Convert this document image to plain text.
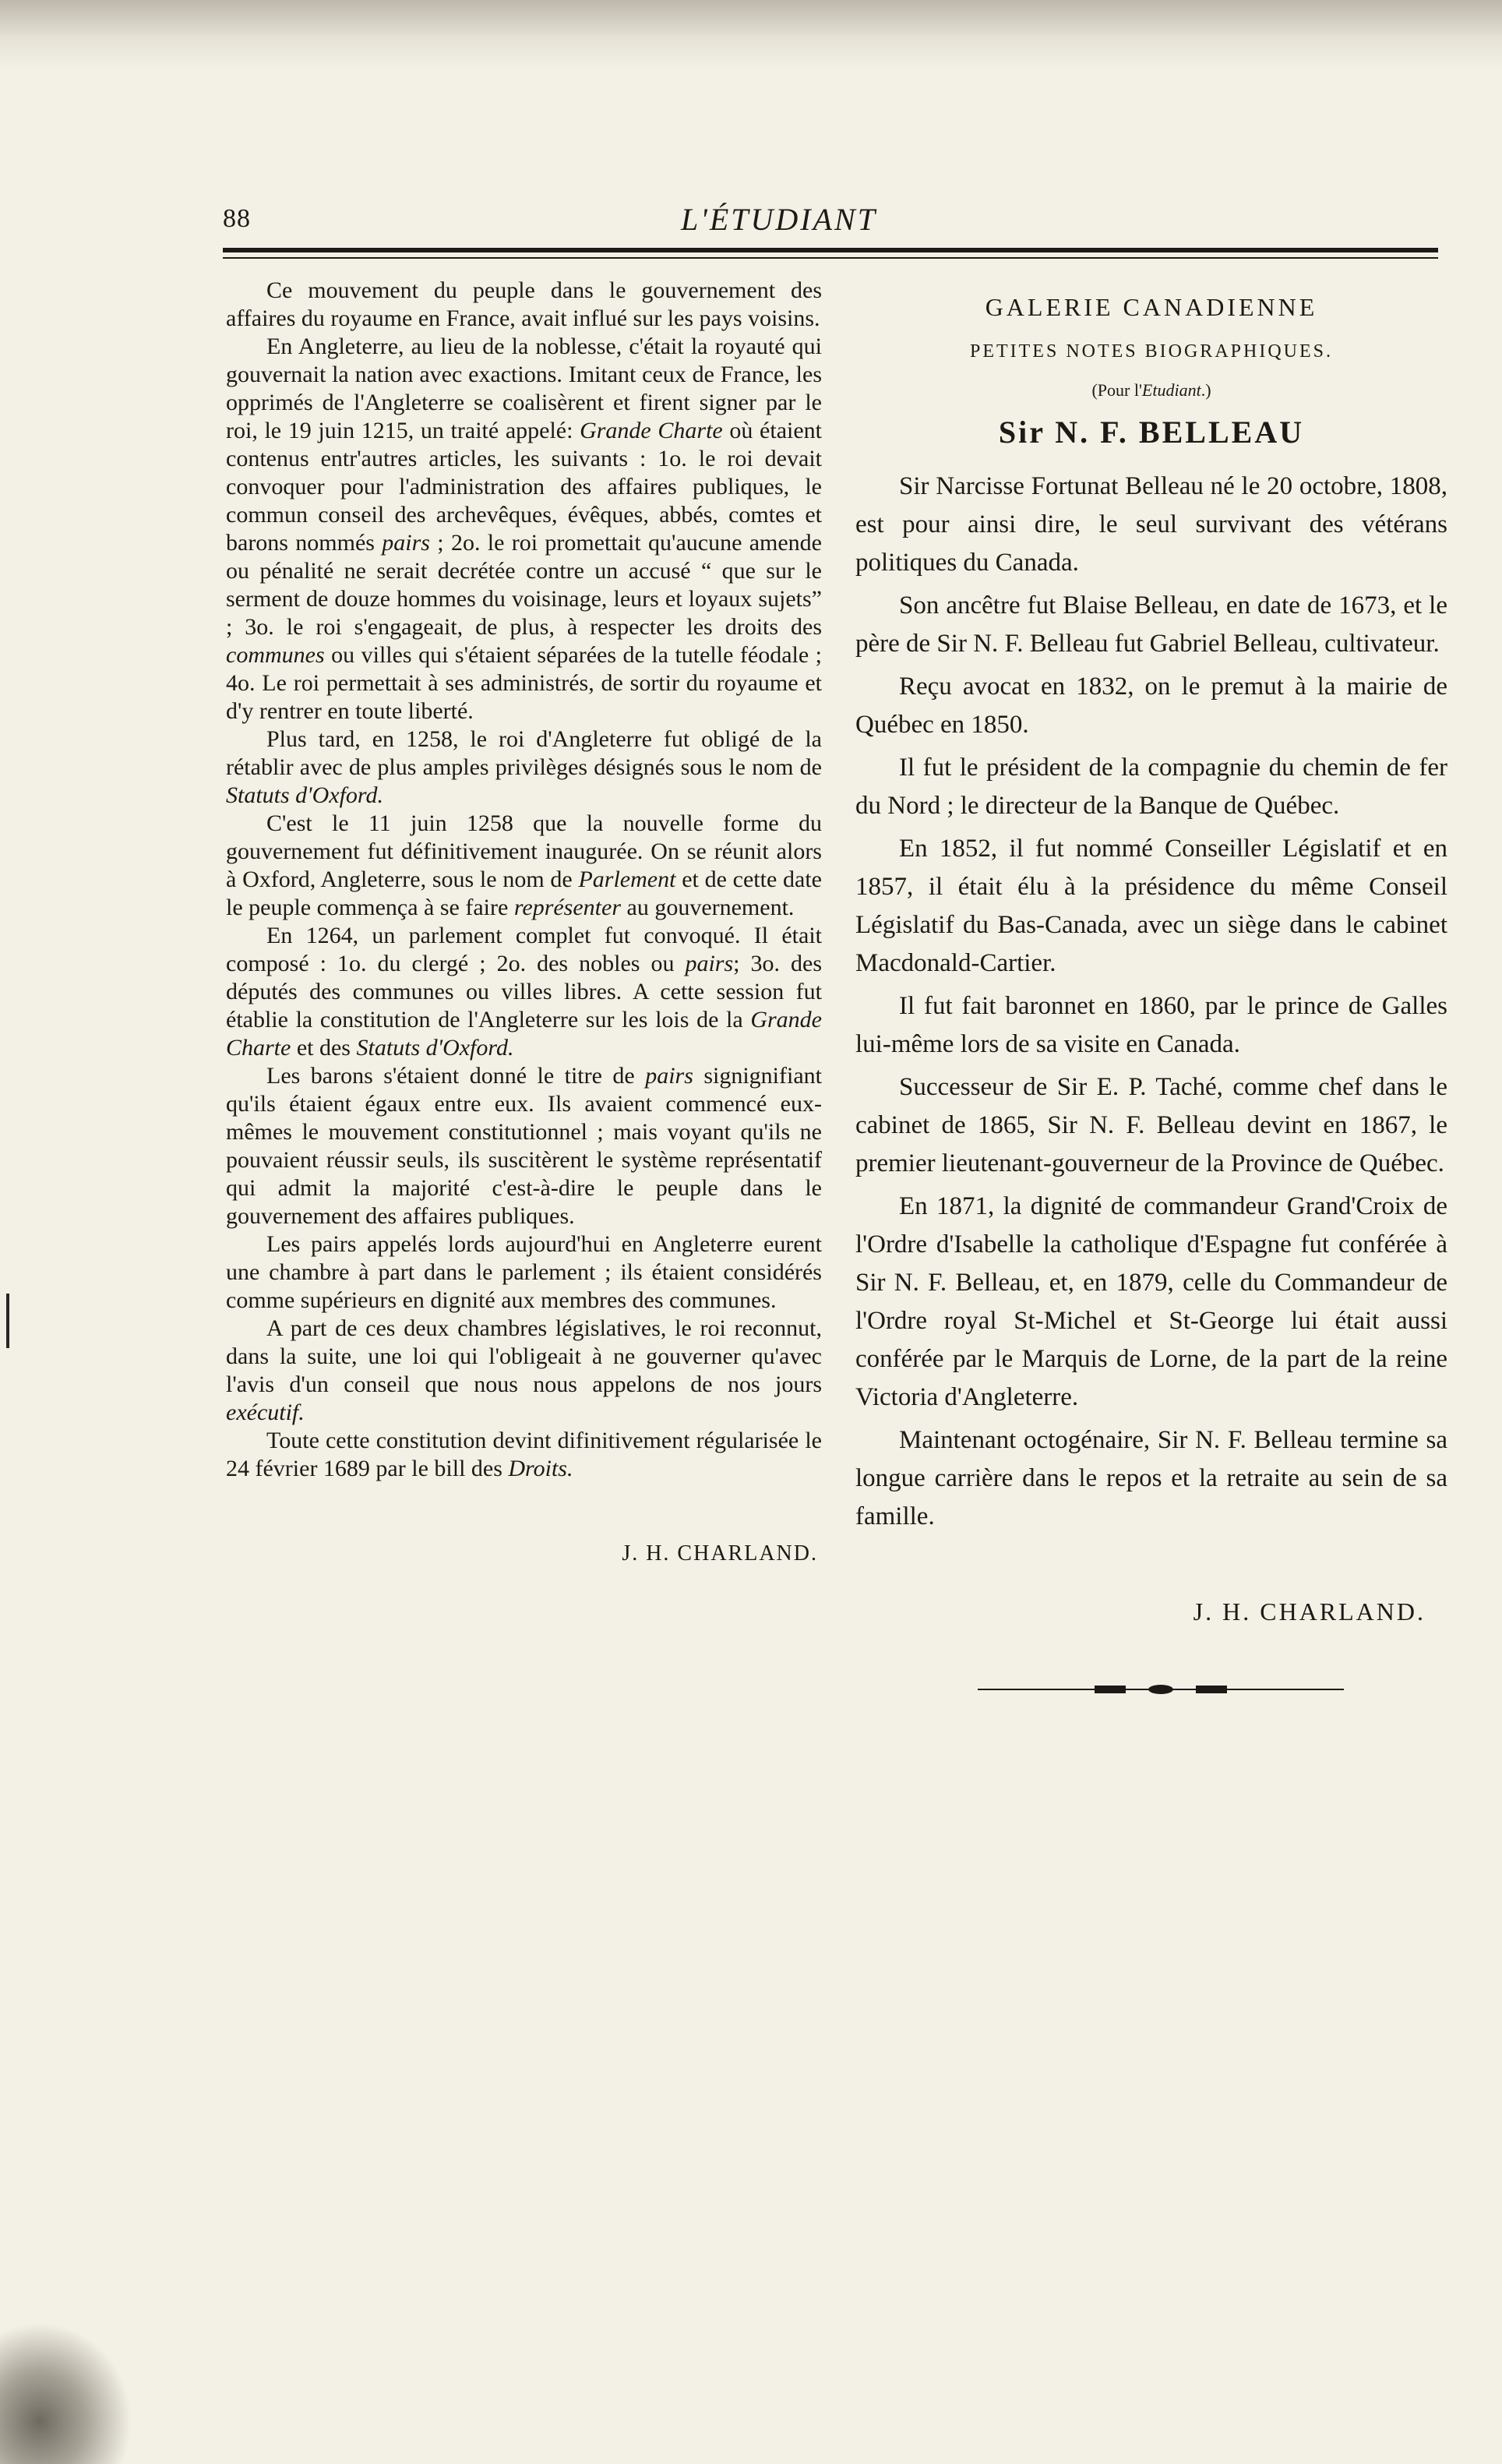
88	L'ÉTUDIANT

Ce mouvement du peuple dans le gouvernement des affaires du royaume en France, avait influé sur les pays voisins.

En Angleterre, au lieu de la noblesse, c'était la royauté qui gouvernait la nation avec exactions. Imitant ceux de France, les opprimés de l'Angleterre se coalisèrent et firent signer par le roi, le 19 juin 1215, un traité appelé: Grande Charte où étaient contenus entr'autres articles, les suivants : 1o. le roi devait convoquer pour l'administration des affaires publiques, le commun conseil des archevêques, évêques, abbés, comtes et barons nommés pairs ; 2o. le roi promettait qu'aucune amende ou pénalité ne serait decrétée contre un accusé “ que sur le serment de douze hommes du voisinage, leurs et loyaux sujets” ; 3o. le roi s'engageait, de plus, à respecter les droits des communes ou villes qui s'étaient séparées de la tutelle féodale ; 4o. Le roi permettait à ses administrés, de sortir du royaume et d'y rentrer en toute liberté.

Plus tard, en 1258, le roi d'Angleterre fut obligé de la rétablir avec de plus amples privilèges désignés sous le nom de Statuts d'Oxford.

C'est le 11 juin 1258 que la nouvelle forme du gouvernement fut définitivement inaugurée. On se réunit alors à Oxford, Angleterre, sous le nom de Parlement et de cette date le peuple commença à se faire représenter au gouvernement.

En 1264, un parlement complet fut convoqué. Il était composé : 1o. du clergé ; 2o. des nobles ou pairs; 3o. des députés des communes ou villes libres. A cette session fut établie la constitution de l'Angleterre sur les lois de la Grande Charte et des Statuts d'Oxford.

Les barons s'étaient donné le titre de pairs signignifiant qu'ils étaient égaux entre eux. Ils avaient commencé eux-mêmes le mouvement constitutionnel ; mais voyant qu'ils ne pouvaient réussir seuls, ils suscitèrent le système représentatif qui admit la majorité c'est-à-dire le peuple dans le gouvernement des affaires publiques.

Les pairs appelés lords aujourd'hui en Angleterre eurent une chambre à part dans le parlement ; ils étaient considérés comme supérieurs en dignité aux membres des communes.

A part de ces deux chambres législatives, le roi reconnut, dans la suite, une loi qui l'obligeait à ne gouverner qu'avec l'avis d'un conseil que nous nous appelons de nos jours exécutif.

Toute cette constitution devint difinitivement régularisée le 24 février 1689 par le bill des Droits.

J. H. CHARLAND.
GALERIE CANADIENNE
PETITES NOTES BIOGRAPHIQUES.
(Pour l'Etudiant.)
Sir N. F. BELLEAU

Sir Narcisse Fortunat Belleau né le 20 octobre, 1808, est pour ainsi dire, le seul survivant des vétérans politiques du Canada.

Son ancêtre fut Blaise Belleau, en date de 1673, et le père de Sir N. F. Belleau fut Gabriel Belleau, cultivateur.

Reçu avocat en 1832, on le premut à la mairie de Québec en 1850.

Il fut le président de la compagnie du chemin de fer du Nord ; le directeur de la Banque de Québec.

En 1852, il fut nommé Conseiller Législatif et en 1857, il était élu à la présidence du même Conseil Législatif du Bas-Canada, avec un siège dans le cabinet Macdonald-Cartier.

Il fut fait baronnet en 1860, par le prince de Galles lui-même lors de sa visite en Canada.

Successeur de Sir E. P. Taché, comme chef dans le cabinet de 1865, Sir N. F. Belleau devint en 1867, le premier lieutenant-gouverneur de la Province de Québec.

En 1871, la dignité de commandeur Grand'Croix de l'Ordre d'Isabelle la catholique d'Espagne fut conférée à Sir N. F. Belleau, et, en 1879, celle du Commandeur de l'Ordre royal St-Michel et St-George lui était aussi conférée par le Marquis de Lorne, de la part de la reine Victoria d'Angleterre.

Maintenant octogénaire, Sir N. F. Belleau termine sa longue carrière dans le repos et la retraite au sein de sa famille.

J. H. CHARLAND.
